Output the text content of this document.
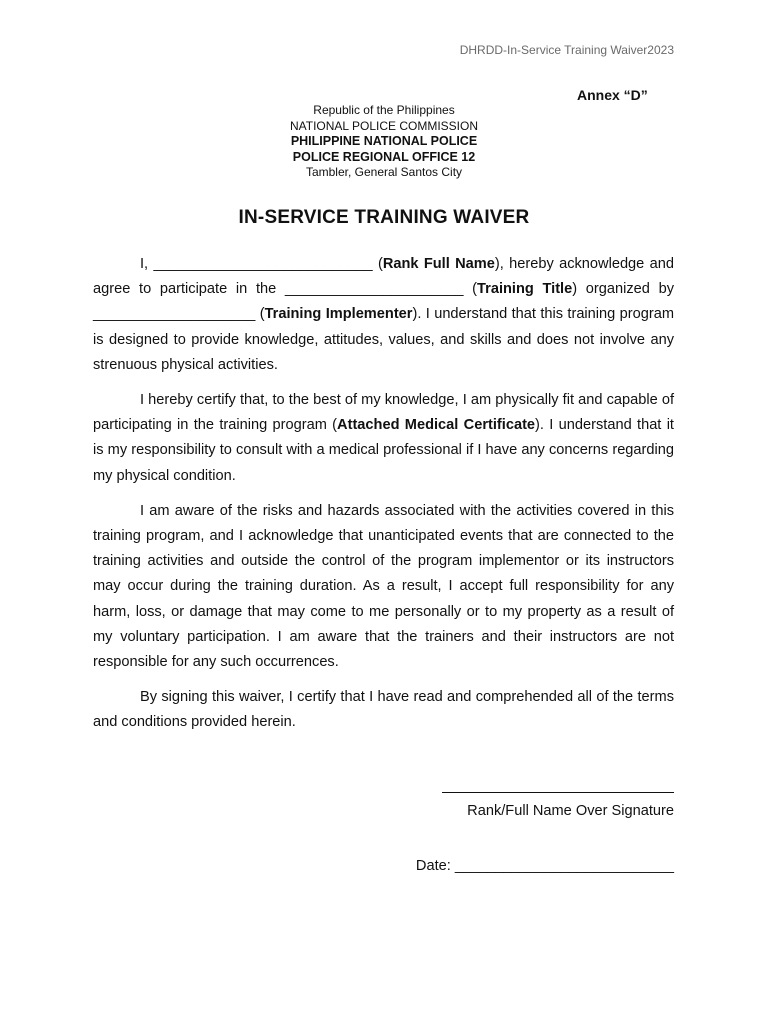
DHRDD-In-Service Training Waiver2023
Annex “D”
Republic of the Philippines
NATIONAL POLICE COMMISSION
PHILIPPINE NATIONAL POLICE
POLICE REGIONAL OFFICE 12
Tambler, General Santos City
IN-SERVICE TRAINING WAIVER

I, ___________________________ (Rank Full Name), hereby acknowledge and agree to participate in the ______________________ (Training Title) organized by ____________________ (Training Implementer). I understand that this training program is designed to provide knowledge, attitudes, values, and skills and does not involve any strenuous physical activities.

I hereby certify that, to the best of my knowledge, I am physically fit and capable of participating in the training program (Attached Medical Certificate). I understand that it is my responsibility to consult with a medical professional if I have any concerns regarding my physical condition.

I am aware of the risks and hazards associated with the activities covered in this training program, and I acknowledge that unanticipated events that are connected to the training activities and outside the control of the program implementor or its instructors may occur during the training duration. As a result, I accept full responsibility for any harm, loss, or damage that may come to me personally or to my property as a result of my voluntary participation. I am aware that the trainers and their instructors are not responsible for any such occurrences.

By signing this waiver, I certify that I have read and comprehended all of the terms and conditions provided herein.

Rank/Full Name Over Signature
Date: ___________________________
